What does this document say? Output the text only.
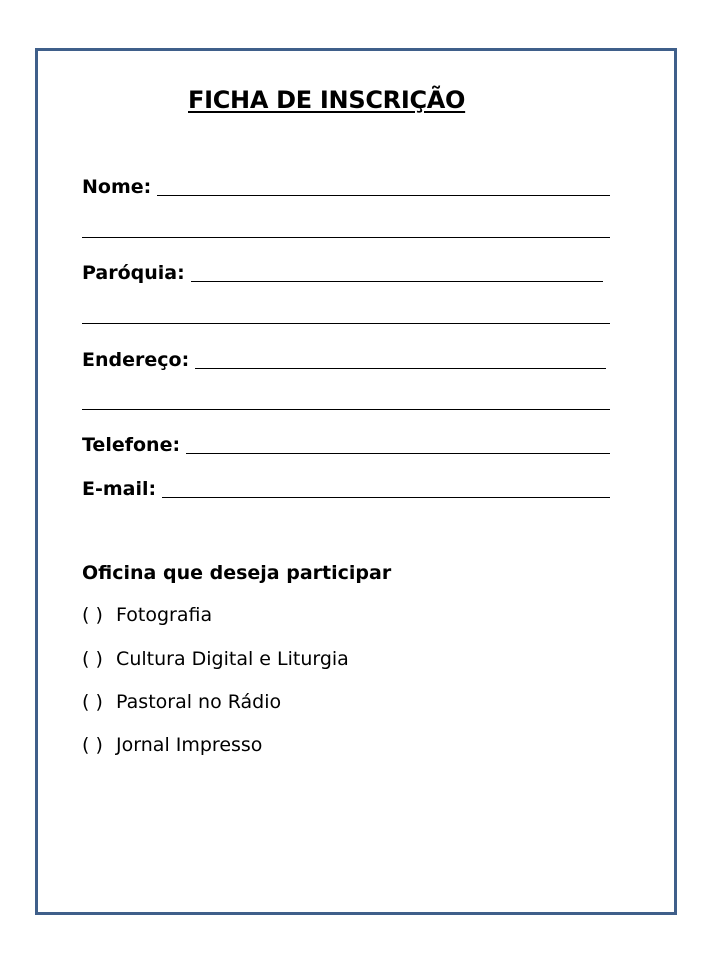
FICHA DE INSCRIÇÃO
Nome:
Paróquia:
Endereço:
Telefone:
E-mail:
Oficina que deseja participar
( ) Fotografia
( ) Cultura Digital e Liturgia
( ) Pastoral no Rádio
( ) Jornal Impresso
